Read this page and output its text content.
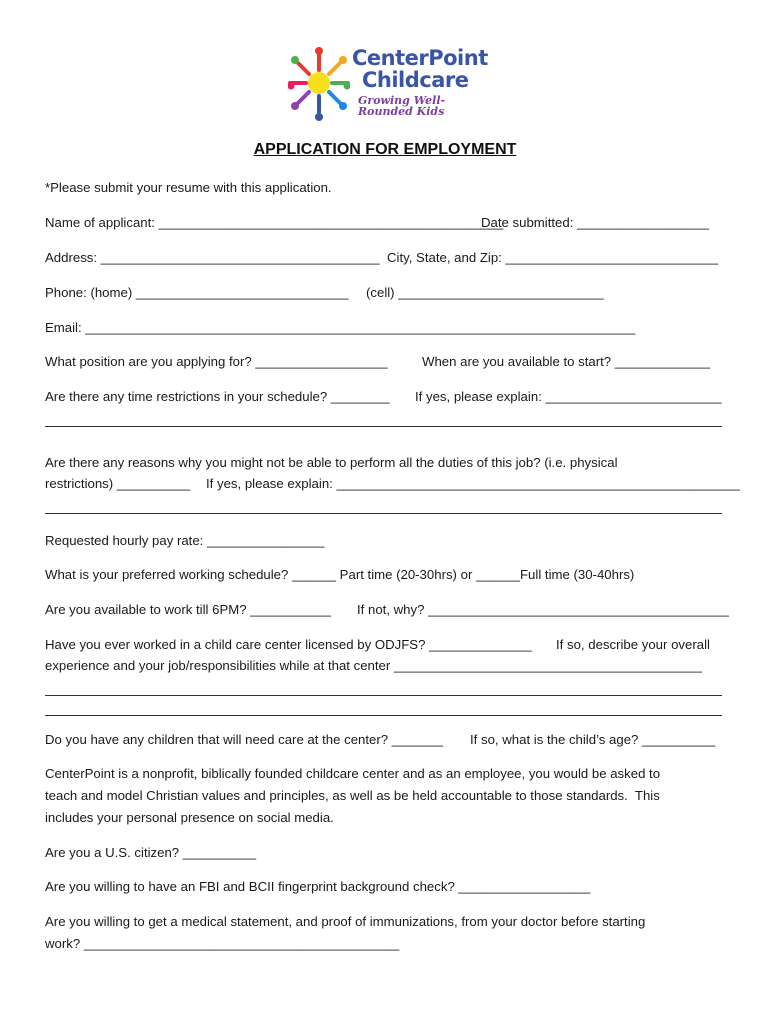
CenterPoint
Childcare
Growing Well-Rounded Kids
APPLICATION FOR EMPLOYMENT
*Please submit your resume with this application.
Name of applicant: _______________________________________________
Date submitted: __________________
Address: ______________________________________ City, State, and Zip: _____________________________
Phone: (home) _____________________________ (cell) ____________________________
Email: ___________________________________________________________________________
What position are you applying for? __________________	When are you available to start? _____________
Are there any time restrictions in your schedule? ________ If yes, please explain: ________________________
Are there any reasons why you might not be able to perform all the duties of this job? (i.e. physical
restrictions) __________ If yes, please explain: _______________________________________________________
Requested hourly pay rate: ________________
What is your preferred working schedule? ______ Part time (20-30hrs) or ______Full time (30-40hrs)
Are you available to work till 6PM? ___________ If not, why? _________________________________________
Have you ever worked in a child care center licensed by ODJFS? ______________ If so, describe your overall
experience and your job/responsibilities while at that center __________________________________________
Do you have any children that will need care at the center? _______ If so, what is the child’s age? __________
CenterPoint is a nonprofit, biblically founded childcare center and as an employee, you would be asked to
teach and model Christian values and principles, as well as be held accountable to those standards.  This
includes your personal presence on social media.
Are you a U.S. citizen? __________
Are you willing to have an FBI and BCII fingerprint background check? __________________
Are you willing to get a medical statement, and proof of immunizations, from your doctor before starting
work? ___________________________________________
